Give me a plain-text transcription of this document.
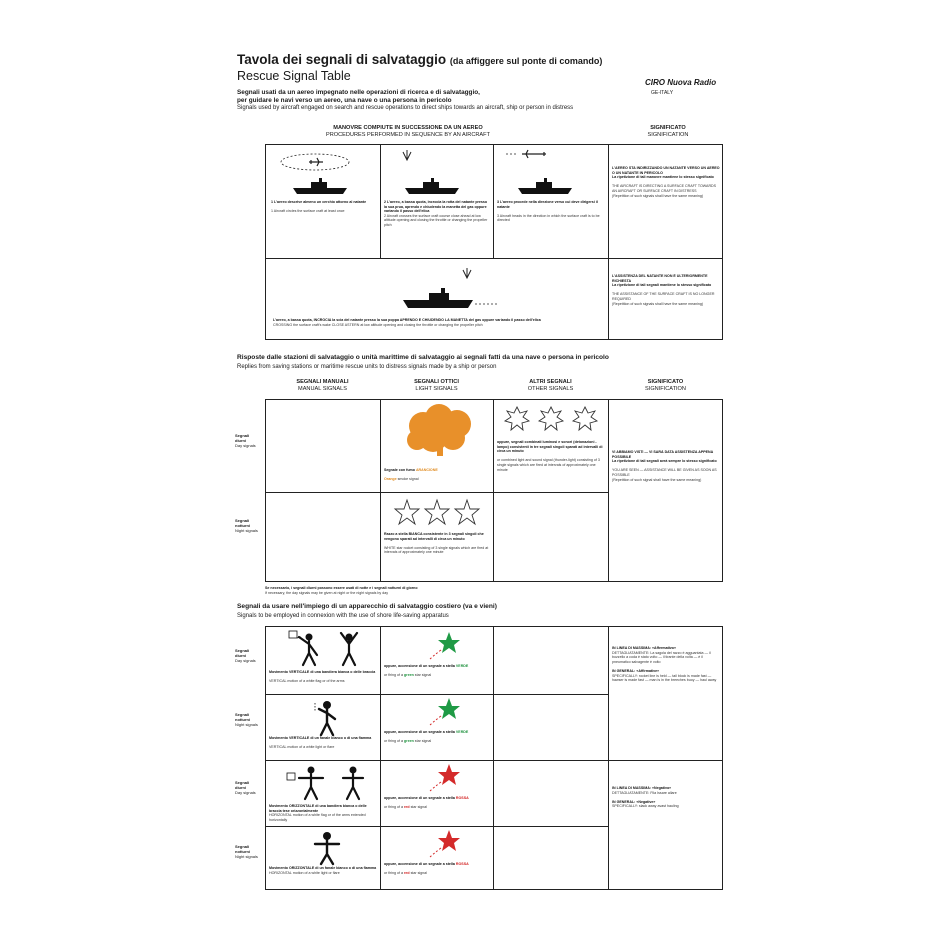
Tavola dei segnali di salvataggio (da affiggere sul ponte di comando)
Rescue Signal Table	CIRO Nuova Radio
GE-ITALY
Segnali usati da un aereo impegnato nelle operazioni di ricerca e di salvataggio,
per guidare le navi verso un aereo, una nave o una persona in pericolo
Signals used by aircraft engaged on search and rescue operations to direct ships towards an aircraft, ship or person in distress
MANOVRE COMPIUTE IN SUCCESSIONE DA UN AEREO
PROCEDURES PERFORMED IN SEQUENCE BY AN AIRCRAFT
SIGNIFICATO
SIGNIFICATION
1 L'aereo descrive almeno un cerchio attorno al natante

1 Aircraft circles the surface craft at least once
2 L'aereo, a bassa quota, incrocia la rotta del natante presso la sua prua, aprendo e chiudendo la manetta del gas oppure variando il passo dell'elica
2 Aircraft crosses the surface craft course close ahead at low altitude opening and closing the throttle or changing the propeller pitch
3 L'aereo procede nella direzione verso cui deve dirigersi il natante

3 Aircraft heads in the direction in which the surface craft is to be directed
L'AEREO STA INDIRIZZANDO UN NATANTE VERSO UN AEREO O UN NATANTE IN PERICOLO
La ripetizione di tali manovre mantiene lo stesso significato

THE AIRCRAFT IS DIRECTING A SURFACE CRAFT TOWARDS AN AIRCRAFT OR SURFACE CRAFT IN DISTRESS
(Repetition of such signals shall have the same meaning)
L'aereo, a bassa quota, INCROCIA la scia del natante presso la sua poppa APRENDO E CHIUDENDO LA MANETTA del gas oppure variando il passo dell'elica
CROSSING the surface craft's wake CLOSE ASTERN at low altitude opening and closing the throttle or changing the propeller pitch
L'ASSISTENZA DEL NATANTE NON È ULTERIORMENTE RICHIESTA
La ripetizione di tali segnali mantiene lo stesso significato

THE ASSISTANCE OF THE SURFACE CRAFT IS NO LONGER REQUIRED
(Repetition of such signals shall have the same meaning)
Risposte dalle stazioni di salvataggio o unità marittime di salvataggio ai segnali fatti da una nave o persona in pericolo
Replies from saving stations or maritime rescue units to distress signals made by a ship or person
SEGNALI MANUALI
MANUAL SIGNALS
SEGNALI OTTICI
LIGHT SIGNALS
ALTRI SEGNALI
OTHER SIGNALS
SIGNIFICATO
SIGNIFICATION
Segnali diurni
Day signals
Segnali notturni
Night signals
Segnale con fumo ARANCIONE

Orange smoke signal
oppure, segnali combinati luminosi e sonori (detonazioni - lampo) consistenti in tre segnali singoli sparati ad intervalli di circa un minuto

or combined light and sound signal (thunder-light) consisting of 3 single signals which are fired at intervals of approximately one minute
VI ABBIAMO VISTI — VI SARÀ DATA ASSISTENZA APPENA POSSIBILE
La ripetizione di tali segnali avrà sempre lo stesso significato

YOU ARE SEEN — ASSISTANCE WILL BE GIVEN AS SOON AS POSSIBLE
(Repetition of such signal shall have the same meaning)
Razzo a stella BIANCA consistente in 3 segnali singoli che vengono sparati ad intervalli di circa un minuto

WHITE star rocket consisting of 3 single signals which are fired at intervals of approximately one minute
Se necessario, i segnali diurni possono essere usati di notte e i segnali notturni di giorno
If necessary, the day signals may be given at night or the night signals by day
Segnali da usare nell'impiego di un apparecchio di salvataggio costiero (va e vieni)
Signals to be employed in connexion with the use of shore life-saving apparatus
Segnali diurni
Day signals
Segnali notturni
Night signals
Segnali diurni
Day signals
Segnali notturni
Night signals
Movimento VERTICALE di una bandiera bianca o delle braccia

VERTICAL motion of a white flag or of the arms
Movimento VERTICALE di un fanale bianco o di una fiamma

VERTICAL motion of a white light or flare
Movimento ORIZZONTALE di una bandiera bianca o delle braccia tese orizzontalmente
HORIZONTAL motion of a white flag or of the arms extended horizontally
Movimento ORIZZONTALE di un fanale bianco o di una fiamma
HORIZONTAL motion of a white light or flare
oppure, accensione di un segnale a stella VERDE

or firing of a green star signal
oppure, accensione di un segnale a stella VERDE

or firing of a green star signal
oppure, accensione di un segnale a stella ROSSA

or firing of a red star signal
oppure, accensione di un segnale a stella ROSSA

or firing of a red star signal
IN LINEA DI MASSIMA: «Affermativo»
DETTAGLIATAMENTE: La sagola del razzo è agguantata — il bozzello a coda è stato volto — il tirante della volta — è il pneumatico salvagente è volto

IN GENERAL: «Affirmative»
SPECIFICALLY: rocket line is held — tail block is made fast — hawser is made fast — man is in the breeches buoy — haul away
IN LINEA DI MASSIMA: «Negativo»
DETTAGLIATAMENTE: Fila Issare allare

IN GENERAL: «Negative»
SPECIFICALLY: slack away avast hauling
